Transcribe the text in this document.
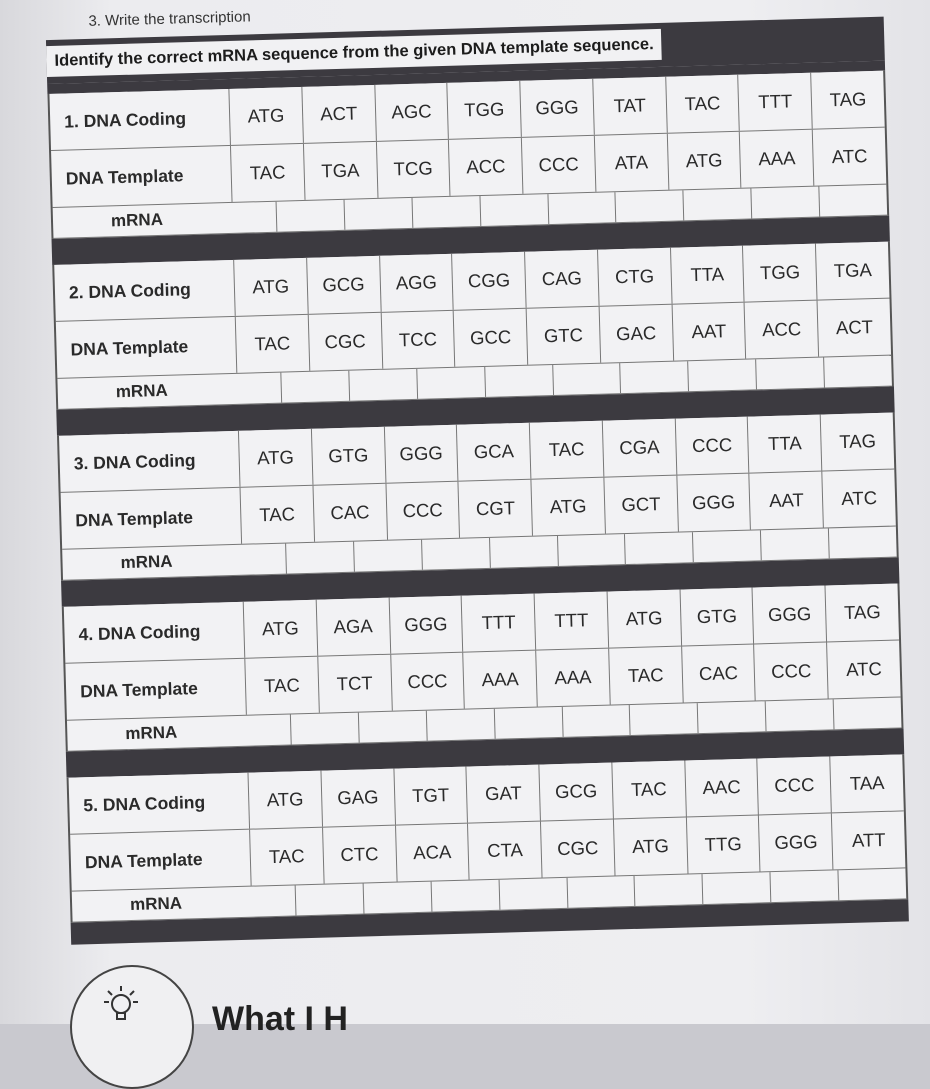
3. Write the transcription
Identify the correct mRNA sequence from the given DNA template sequence.
1. DNA Coding	ATG	ACT	AGC	TGG	GGG	TAT	TAC	TTT	TAG
DNA Template	TAC	TGA	TCG	ACC	CCC	ATA	ATG	AAA	ATC
mRNA
2. DNA Coding	ATG	GCG	AGG	CGG	CAG	CTG	TTA	TGG	TGA
DNA Template	TAC	CGC	TCC	GCC	GTC	GAC	AAT	ACC	ACT
mRNA
3. DNA Coding	ATG	GTG	GGG	GCA	TAC	CGA	CCC	TTA	TAG
DNA Template	TAC	CAC	CCC	CGT	ATG	GCT	GGG	AAT	ATC
mRNA
4. DNA Coding	ATG	AGA	GGG	TTT	TTT	ATG	GTG	GGG	TAG
DNA Template	TAC	TCT	CCC	AAA	AAA	TAC	CAC	CCC	ATC
mRNA
5. DNA Coding	ATG	GAG	TGT	GAT	GCG	TAC	AAC	CCC	TAA
DNA Template	TAC	CTC	ACA	CTA	CGC	ATG	TTG	GGG	ATT
mRNA
What I H
